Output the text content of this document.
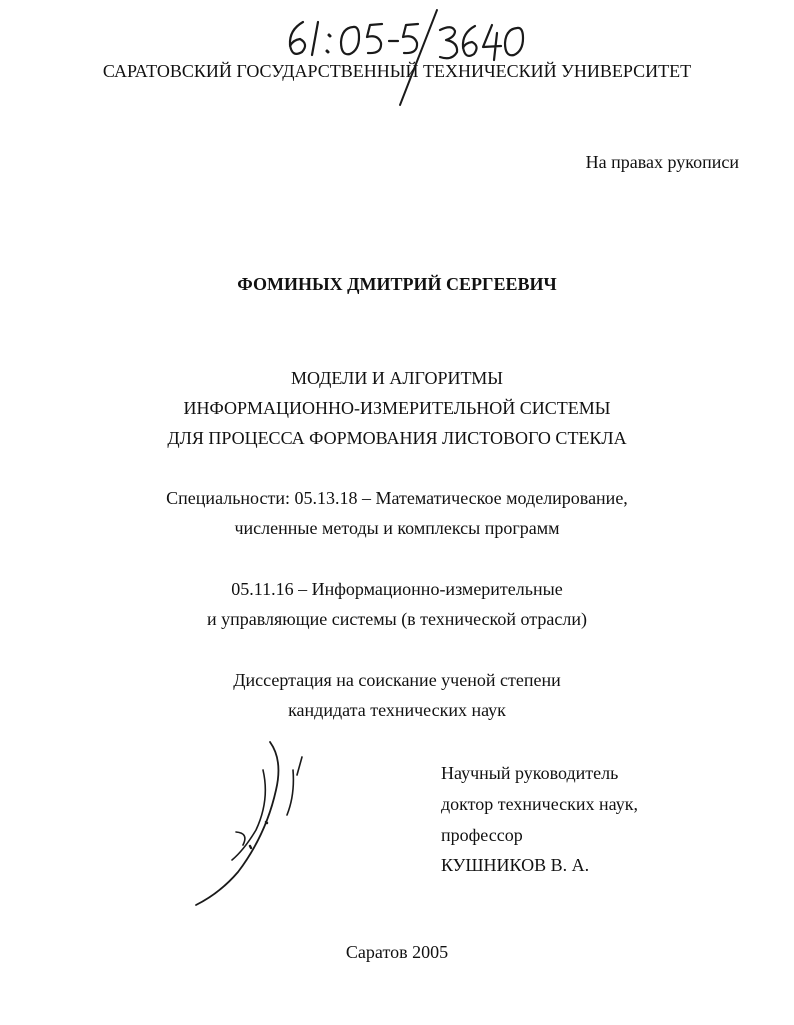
САРАТОВСКИЙ ГОСУДАРСТВЕННЫЙ ТЕХНИЧЕСКИЙ УНИВЕРСИТЕТ
На правах рукописи
ФОМИНЫХ ДМИТРИЙ СЕРГЕЕВИЧ
МОДЕЛИ И АЛГОРИТМЫ
ИНФОРМАЦИОННО-ИЗМЕРИТЕЛЬНОЙ СИСТЕМЫ
ДЛЯ ПРОЦЕССА ФОРМОВАНИЯ ЛИСТОВОГО СТЕКЛА
Специальности: 05.13.18 – Математическое моделирование,
численные методы и комплексы программ
05.11.16 – Информационно-измерительные
и управляющие системы (в технической отрасли)
Диссертация на соискание ученой степени
кандидата технических наук
Научный руководитель
доктор технических наук,
профессор
КУШНИКОВ В. А.
Саратов 2005
